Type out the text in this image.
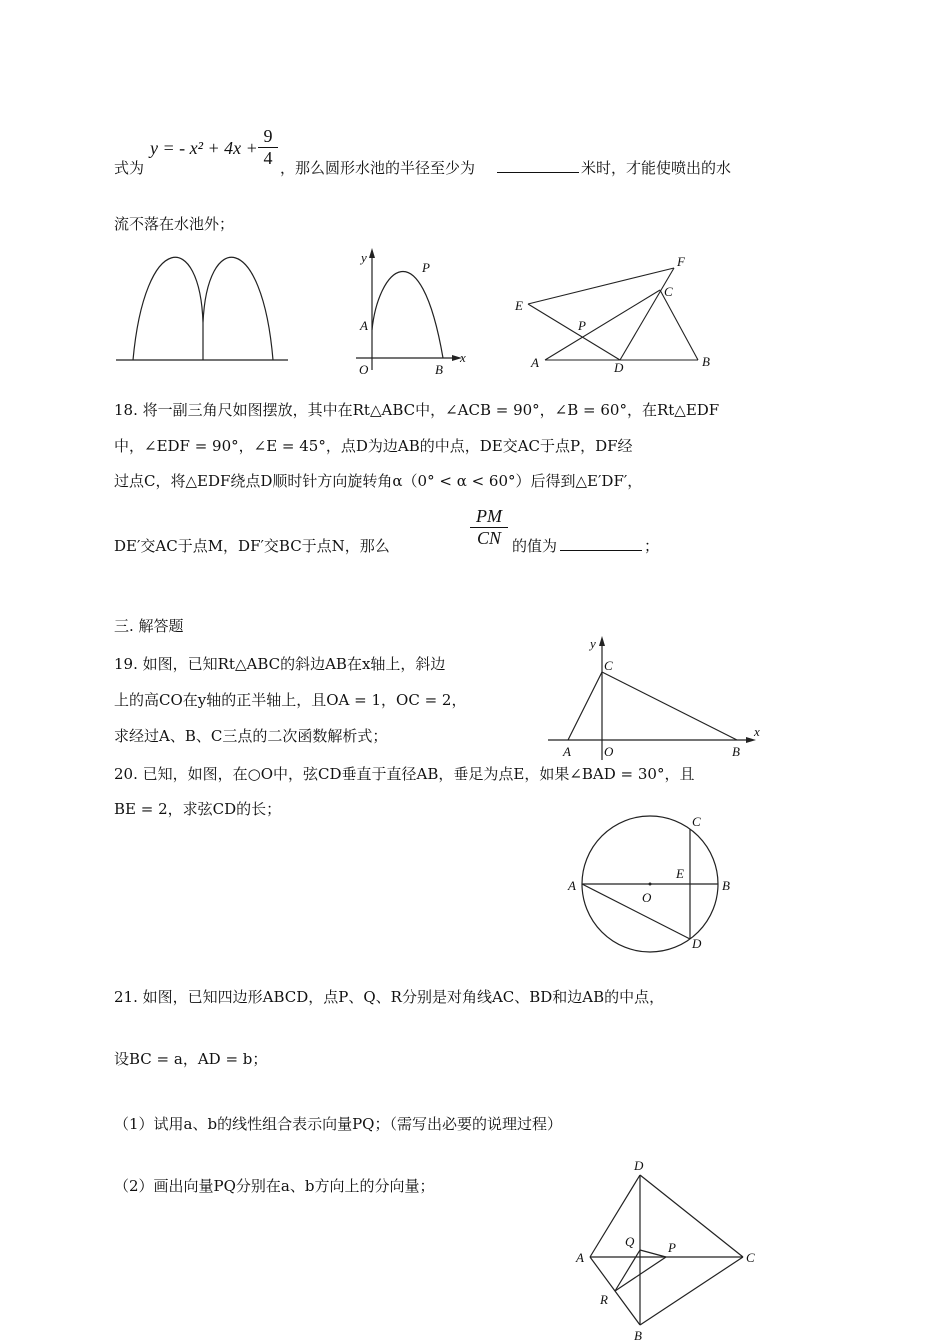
式为
y = - $x^2 + 4x + \frac{9}{4}$ ，那么圆形水池的半径至少为	米时，才能使喷出的水
流不落在水池外；
y
P
A
O	B
x
F
C
E
P
A	D	B
18. 将一副三角尺如图摆放，其中在Rt△ABC中，∠ACB = 90°，∠B = 60°，在Rt△EDF
中，∠EDF = 90°，∠E = 45°，点D为边AB的中点，DE交AC于点P，DF经
过点C，将△EDF绕点D顺时针方向旋转角α（0° < α < 60°）后得到△E′DF′，
DE′交AC于点M，DF′交BC于点N，那么	$\frac{PM}{CN}$ 的值为	；
三. 解答题
19. 如图，已知Rt△ABC的斜边AB在x轴上，斜边
上的高CO在y轴的正半轴上，且OA = 1，OC = 2，
求经过A、B、C三点的二次函数解析式；
y
C
x
A	O	B
20. 已知，如图，在○O中，弦CD垂直于直径AB，垂足为点E，如果∠BAD = 30°，且
BE = 2，求弦CD的长；
C
A
E
B
O
D
21. 如图，已知四边形ABCD，点P、Q、R分别是对角线AC、BD和边AB的中点，
设BC = a，AD = b；
（1）试用a、b的线性组合表示向量PQ；（需写出必要的说理过程）
（2）画出向量PQ分别在a、b方向上的分向量；
D
A
Q	P
C
R
B
